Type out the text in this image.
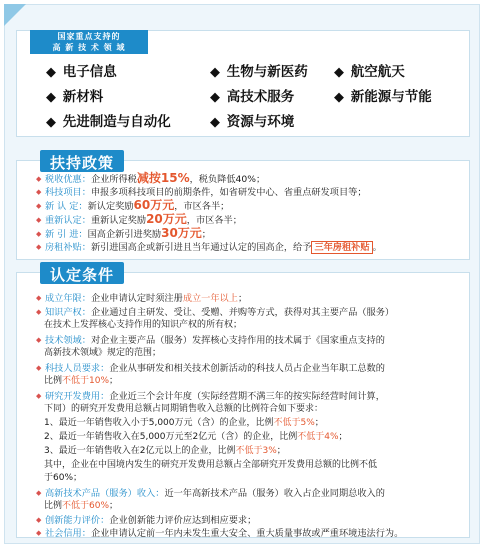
国家重点支持的
高 新 技 术 领 域
◆ 电子信息	◆ 生物与新医药 ◆ 航空航天
◆ 新材料	◆ 高技术服务	◆ 新能源与节能
◆ 先进制造与自动化	◆ 资源与环境
扶持政策
◆ 税收优惠：企业所得税减按15%，税负降低40%；
◆ 科技项目：申报多项科技项目的前期条件，如省研发中心、省重点研发项目等；
◆ 新 认 定：新认定奖励60万元，市区各半；
◆ 重新认定：重新认定奖励20万元，市区各半；
◆ 新 引 进：国高企新引进奖励30万元；
◆ 房租补贴：新引进国高企或新引进且当年通过认定的国高企，给予 三年房租补贴 。
认定条件
◆ 成立年限：企业申请认定时须注册成立一年以上；
◆ 知识产权：企业通过自主研发、受让、受赠、并购等方式，获得对其主要产品（服务）
在技术上发挥核心支持作用的知识产权的所有权；
◆ 技术领域：对企业主要产品（服务）发挥核心支持作用的技术属于《国家重点支持的
高新技术领域》规定的范围；
◆ 科技人员要求：企业从事研发和相关技术创新活动的科技人员占企业当年职工总数的
比例不低于10%；
◆ 研究开发费用：企业近三个会计年度（实际经营期不满三年的按实际经营时间计算，
下同）的研究开发费用总额占同期销售收入总额的比例符合如下要求：
1、最近一年销售收入小于5,000万元（含）的企业，比例不低于5%；
2、最近一年销售收入在5,000万元至2亿元（含）的企业，比例不低于4%；
3、最近一年销售收入在2亿元以上的企业，比例不低于3%；
其中，企业在中国境内发生的研究开发费用总额占全部研究开发费用总额的比例不低
于60%；
◆ 高新技术产品（服务）收入：近一年高新技术产品（服务）收入占企业同期总收入的
比例不低于60%；
◆ 创新能力评价：企业创新能力评价应达到相应要求；
◆ 社会信用：企业申请认定前一年内未发生重大安全、重大质量事故或严重环境违法行为。
